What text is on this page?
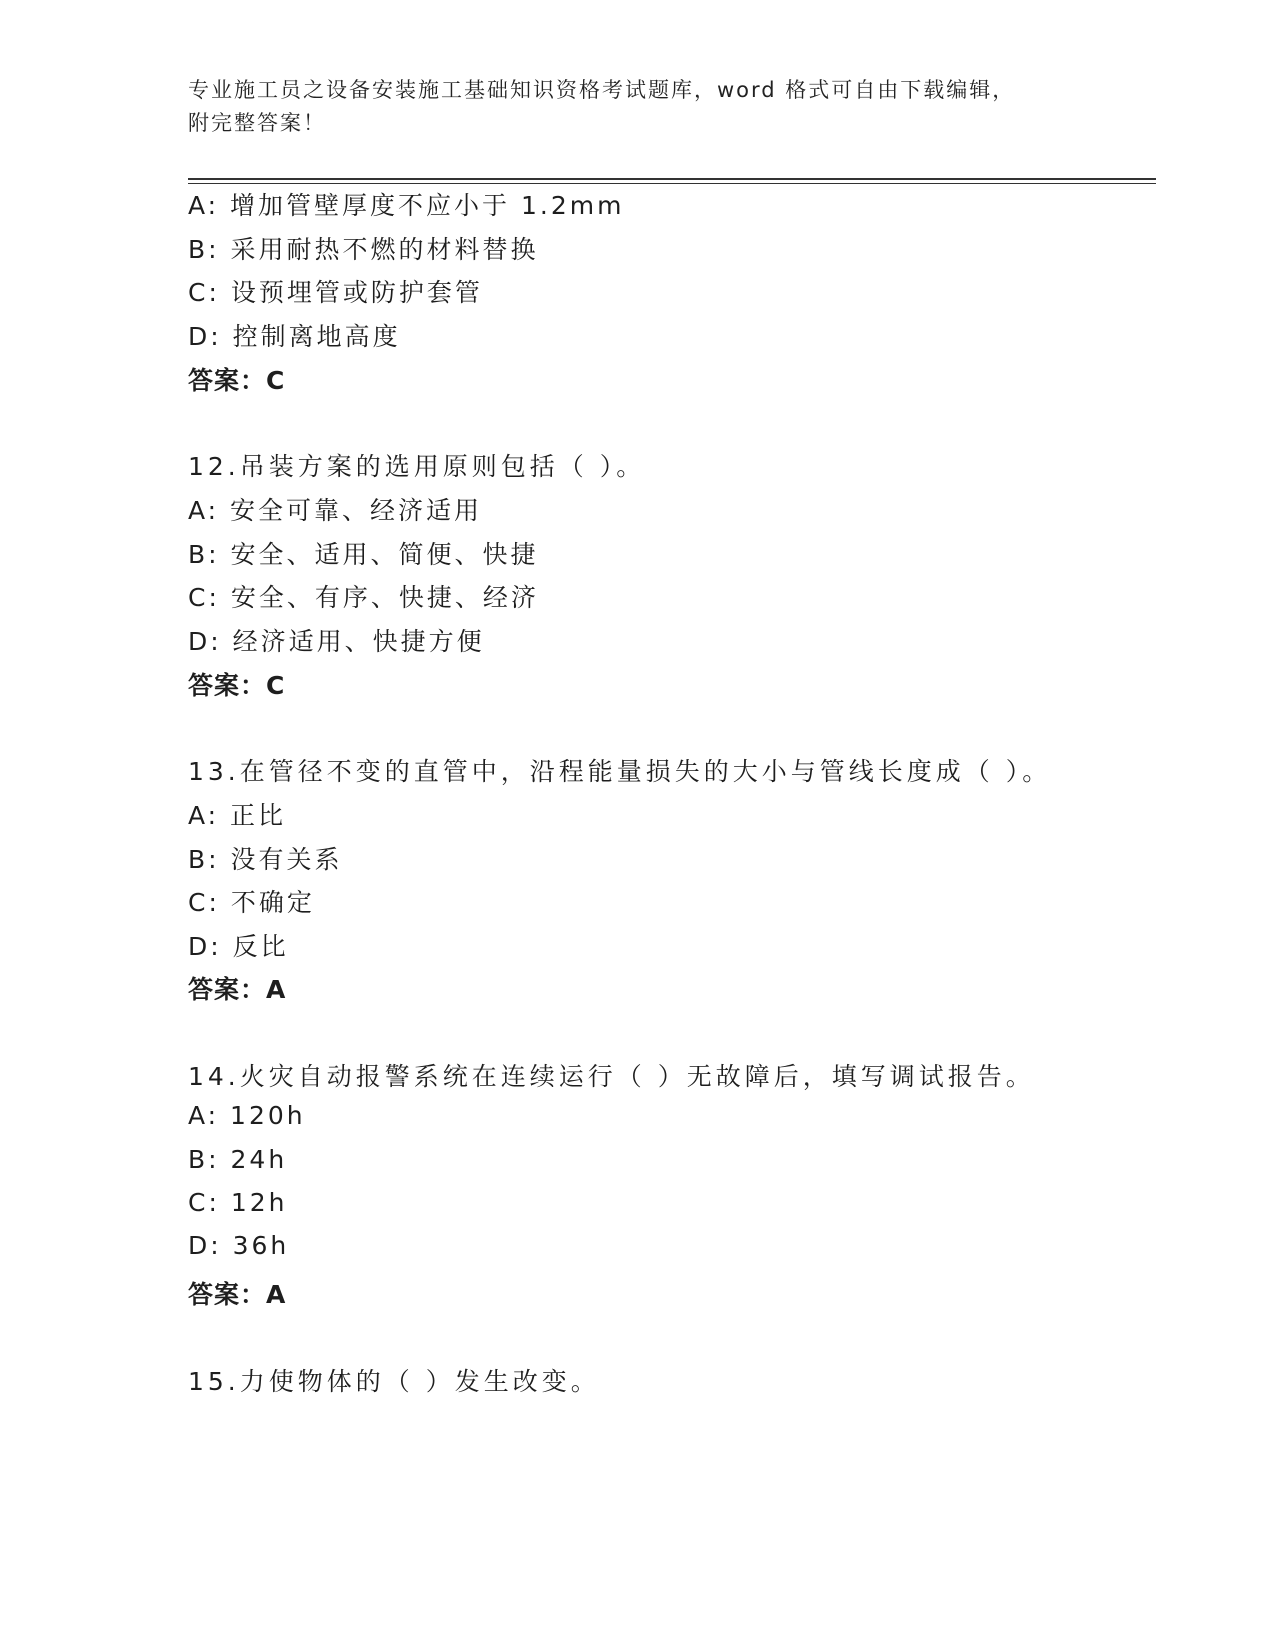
专业施工员之设备安装施工基础知识资格考试题库，word 格式可自由下载编辑，
附完整答案！
A: 增加管壁厚度不应小于 1.2mm
B: 采用耐热不燃的材料替换
C: 设预埋管或防护套管
D: 控制离地高度
答案：C
12.吊装方案的选用原则包括（ ）。
A: 安全可靠、经济适用
B: 安全、适用、简便、快捷
C: 安全、有序、快捷、经济
D: 经济适用、快捷方便
答案：C
13.在管径不变的直管中，沿程能量损失的大小与管线长度成（ ）。
A: 正比
B: 没有关系
C: 不确定
D: 反比
答案：A
14.火灾自动报警系统在连续运行（ ）无故障后，填写调试报告。
A: 120h
B: 24h
C: 12h
D: 36h
答案：A
15.力使物体的（ ）发生改变。
